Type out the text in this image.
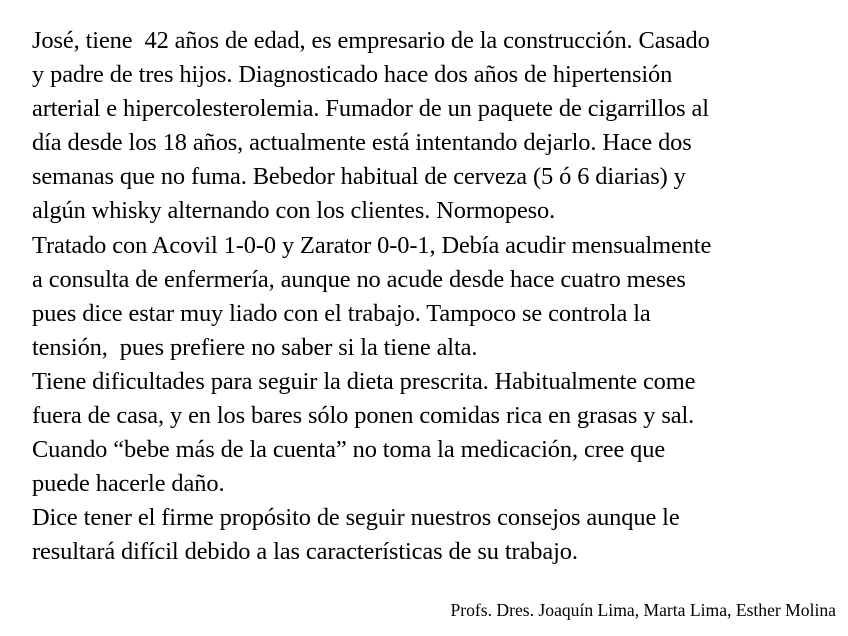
José, tiene  42 años de edad, es empresario de la construcción. Casado
y padre de tres hijos. Diagnosticado hace dos años de hipertensión
arterial e hipercolesterolemia. Fumador de un paquete de cigarrillos al
día desde los 18 años, actualmente está intentando dejarlo. Hace dos
semanas que no fuma. Bebedor habitual de cerveza (5 ó 6 diarias) y
algún whisky alternando con los clientes. Normopeso.

Tratado con Acovil 1-0-0 y Zarator 0-0-1, Debía acudir mensualmente
a consulta de enfermería, aunque no acude desde hace cuatro meses
pues dice estar muy liado con el trabajo. Tampoco se controla la
tensión,  pues prefiere no saber si la tiene alta.

Tiene dificultades para seguir la dieta prescrita. Habitualmente come
fuera de casa, y en los bares sólo ponen comidas rica en grasas y sal.
Cuando “bebe más de la cuenta” no toma la medicación, cree que
puede hacerle daño.

Dice tener el firme propósito de seguir nuestros consejos aunque le
resultará difícil debido a las características de su trabajo.

Profs. Dres. Joaquín Lima, Marta Lima, Esther Molina
